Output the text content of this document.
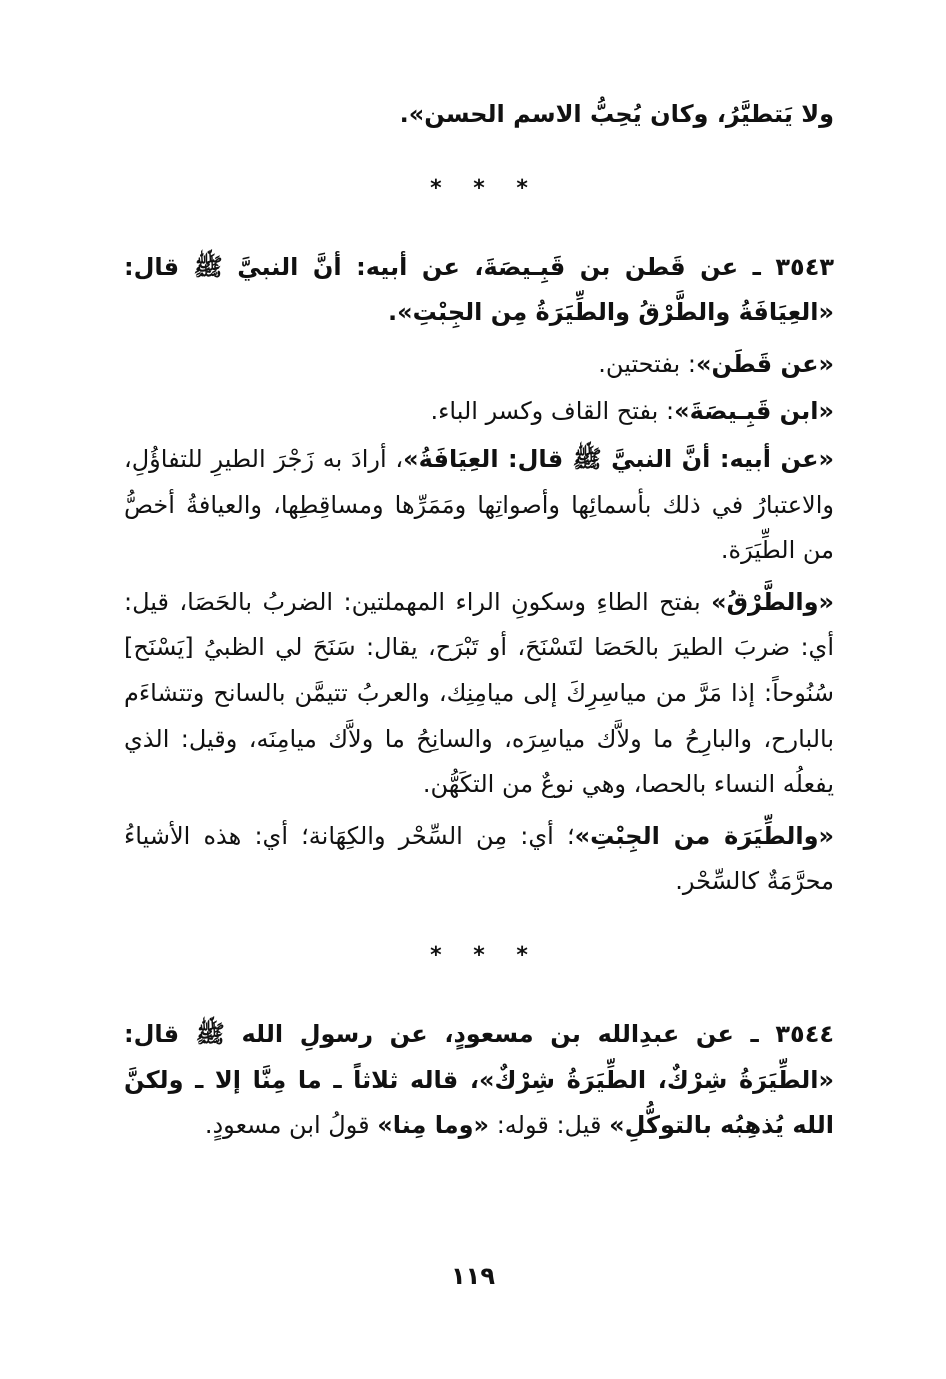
ولا يَتطيَّرُ، وكان يُحِبُّ الاسم الحسن».

* * *

٣٥٤٣ ـ عن قَطن بن قَبِـيصَةَ، عن أبيه: أنَّ النبيَّ ﷺ قال: «العِيَافَةُ والطَّرْقُ والطِّيَرَةُ مِن الجِبْتِ».

«عن قَطَن»: بفتحتين.

«ابن قَبِـيصَةَ»: بفتح القاف وكسر الباء.

«عن أبيه: أنَّ النبيَّ ﷺ قال: العِيَافَةُ»، أرادَ به زَجْرَ الطيرِ للتفاؤُلِ، والاعتبارُ في ذلك بأسمائِها وأصواتِها ومَمَرِّها ومساقِطِها، والعيافةُ أخصُّ من الطِّيَرَة.

«والطَّرْقُ» بفتح الطاءِ وسكونِ الراء المهملتين: الضربُ بالحَصَا، قيل: أي: ضربَ الطيرَ بالحَصَا لتَسْنَحَ، أو تَبْرَح، يقال: سَنَحَ لي الظبيُ [يَسْنَح] سُنُوحاً: إذا مَرَّ من مياسِرِكَ إلى ميامِنِك، والعربُ تتيمَّن بالسانح وتتشاءَم بالبارح، والبارِحُ ما ولاَّك مياسِرَه، والسانِحُ ما ولاَّك ميامِنَه، وقيل: الذي يفعلُه النساء بالحصا، وهي نوعٌ من التكَهُّن.

«والطِّيَرَة من الجِبْتِ»؛ أي: مِن السِّحْر والكِهَانة؛ أي: هذه الأشياءُ محرَّمَةٌ كالسِّحْر.

* * *

٣٥٤٤ ـ عن عبدِالله بن مسعودٍ، عن رسولِ الله ﷺ قال: «الطِّيَرَةُ شِرْكٌ، الطِّيَرَةُ شِرْكٌ»، قاله ثلاثاً ـ ما مِنَّا إلا ـ ولكنَّ الله يُذهِبُه بالتوكُّلِ» قيل: قوله: «وما مِنا» قولُ ابن مسعودٍ.

١١٩
